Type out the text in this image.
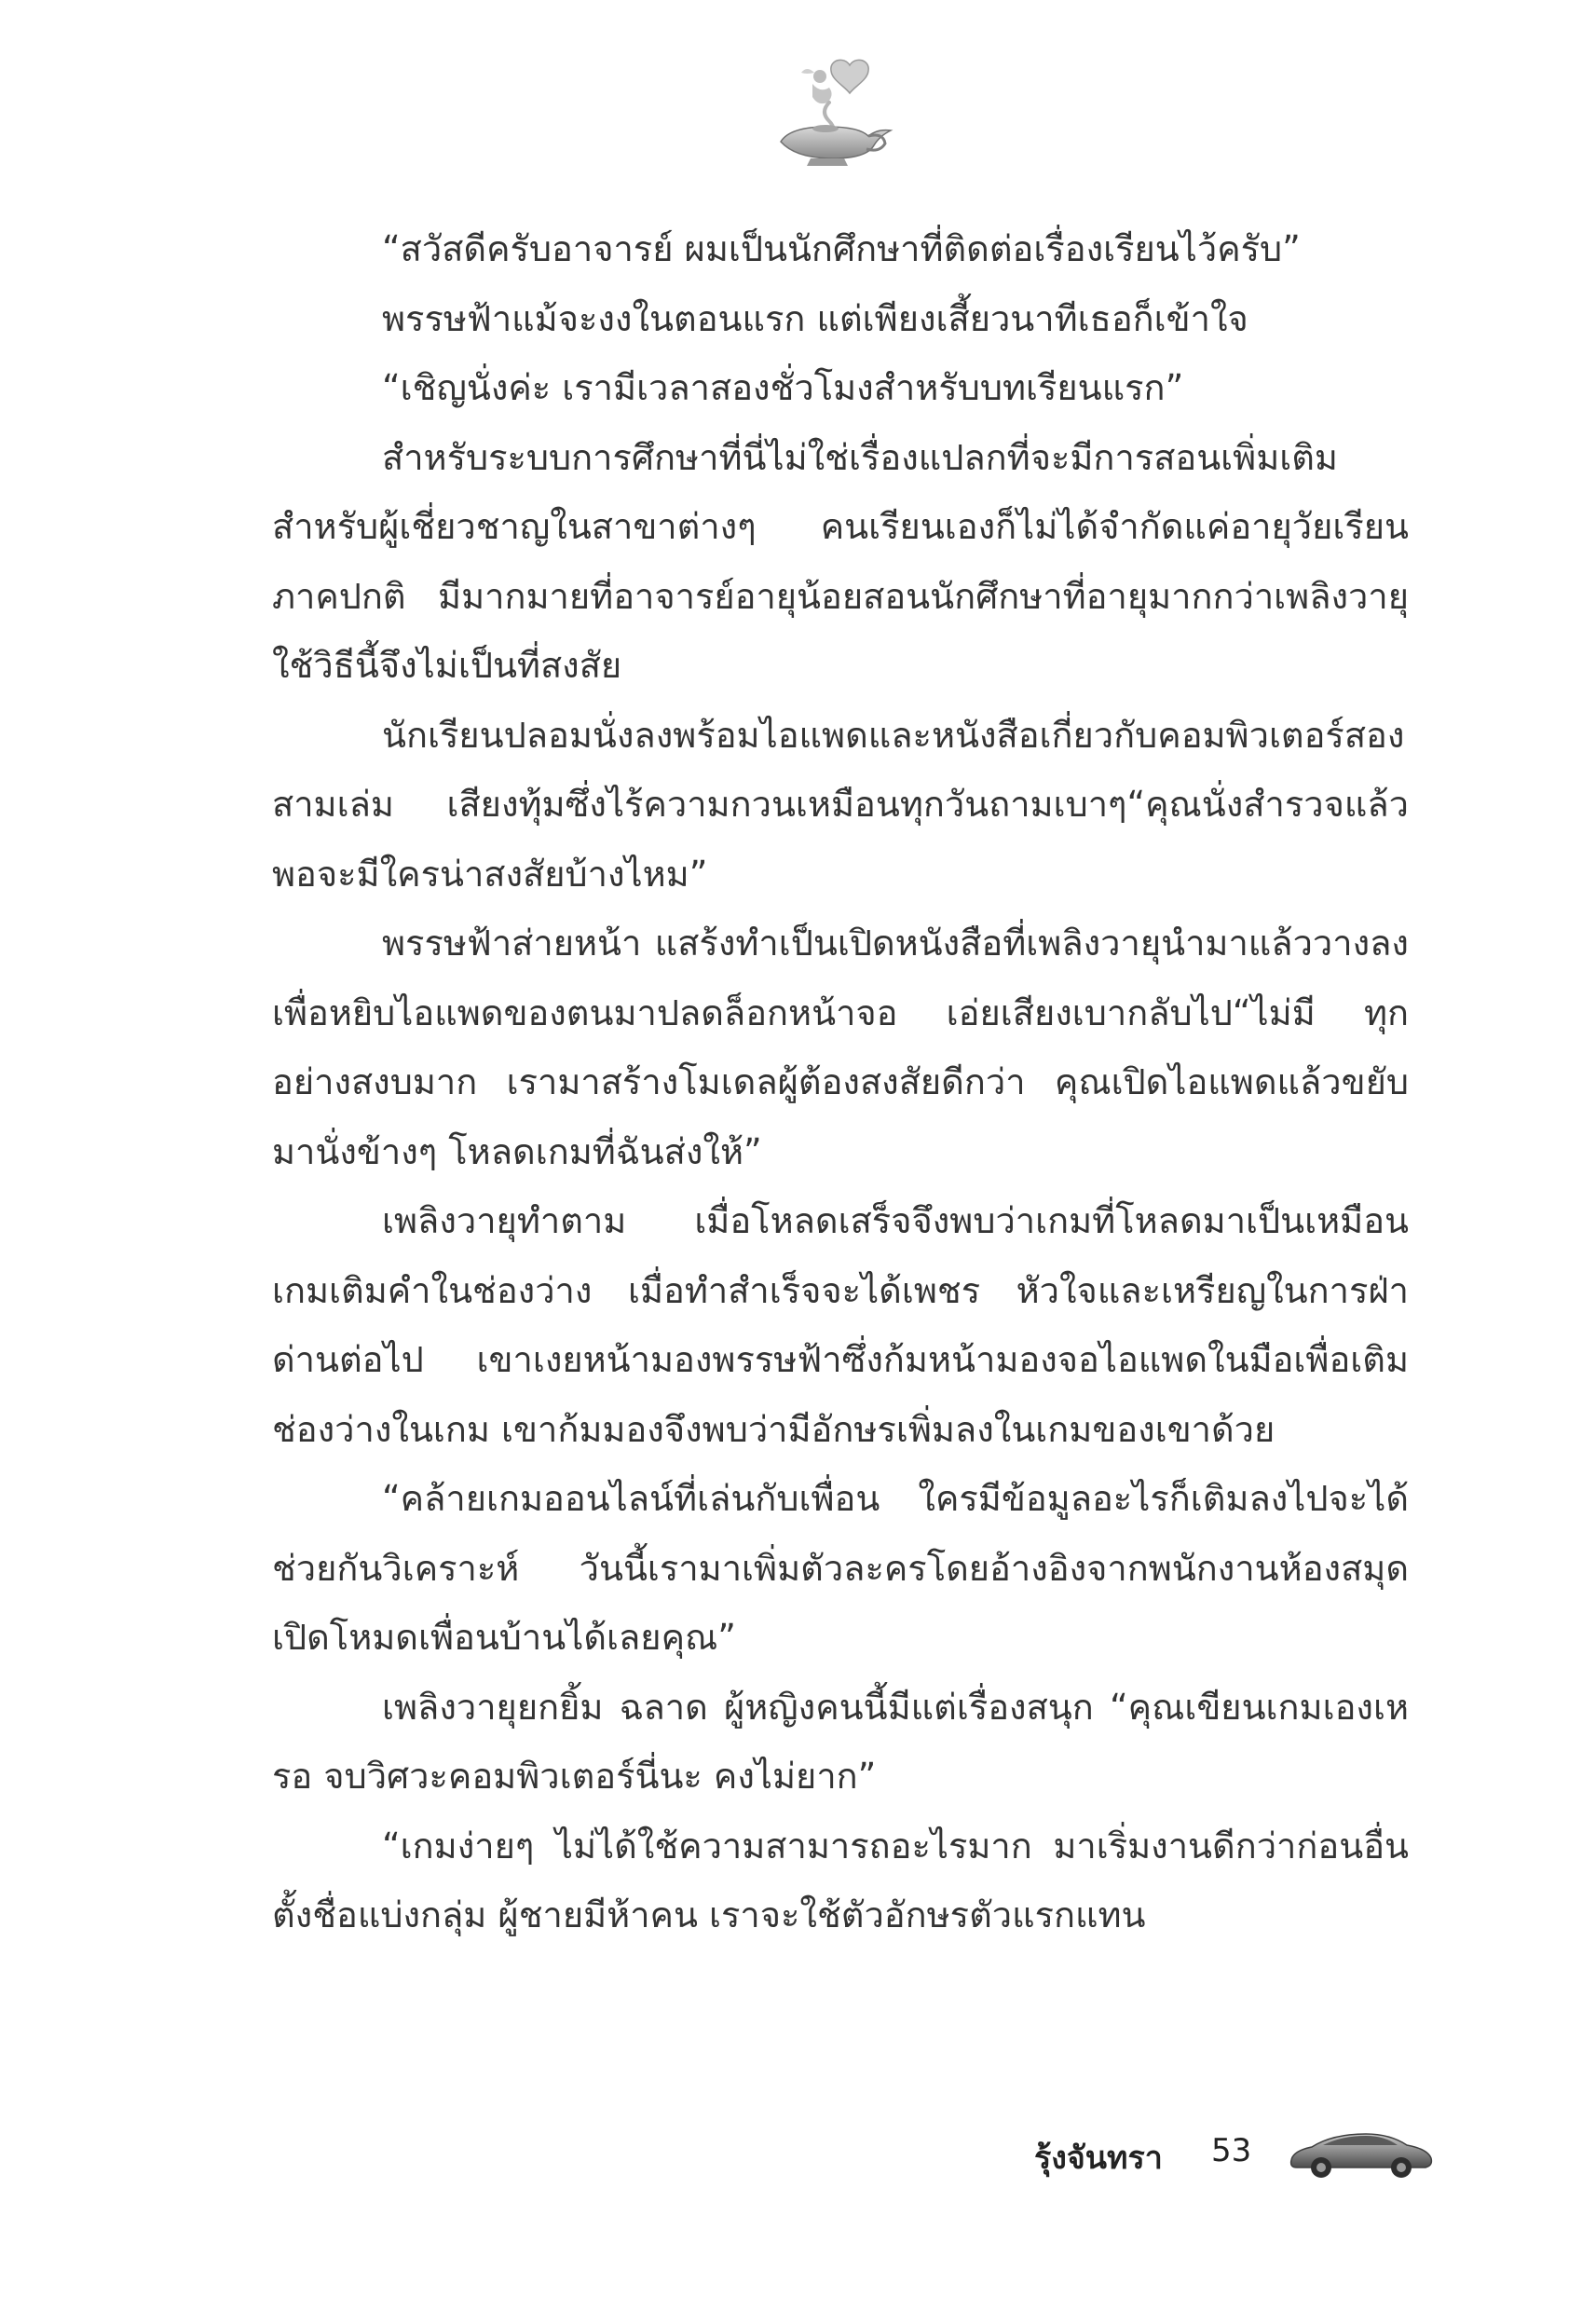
“สวัสดีครับอาจารย์ ผมเป็นนักศึกษาที่ติดต่อเรื่องเรียนไว้ครับ”

พรรษฟ้าแม้จะงงในตอนแรก แต่เพียงเสี้ยวนาทีเธอก็เข้าใจ

“เชิญนั่งค่ะ เรามีเวลาสองชั่วโมงสำหรับบทเรียนแรก”

สำหรับระบบการศึกษาที่นี่ไม่ใช่เรื่องแปลกที่จะมีการสอนเพิ่มเติมสำหรับผู้เชี่ยวชาญในสาขาต่างๆ คนเรียนเองก็ไม่ได้จำกัดแค่อายุวัยเรียนภาคปกติ มีมากมายที่อาจารย์อายุน้อยสอนนักศึกษาที่อายุมากกว่าเพลิงวายุใช้วิธีนี้จึงไม่เป็นที่สงสัย

นักเรียนปลอมนั่งลงพร้อมไอแพดและหนังสือเกี่ยวกับคอมพิวเตอร์สองสามเล่ม เสียงทุ้มซึ่งไร้ความกวนเหมือนทุกวันถามเบาๆ“คุณนั่งสำรวจแล้วพอจะมีใครน่าสงสัยบ้างไหม”

พรรษฟ้าส่ายหน้า แสร้งทำเป็นเปิดหนังสือที่เพลิงวายุนำมาแล้ววางลงเพื่อหยิบไอแพดของตนมาปลดล็อกหน้าจอ เอ่ยเสียงเบากลับไป“ไม่มี ทุกอย่างสงบมาก เรามาสร้างโมเดลผู้ต้องสงสัยดีกว่า คุณเปิดไอแพดแล้วขยับมานั่งข้างๆ โหลดเกมที่ฉันส่งให้”

เพลิงวายุทำตาม เมื่อโหลดเสร็จจึงพบว่าเกมที่โหลดมาเป็นเหมือนเกมเติมคำในช่องว่าง เมื่อทำสำเร็จจะได้เพชร หัวใจและเหรียญในการฝ่าด่านต่อไป เขาเงยหน้ามองพรรษฟ้าซึ่งก้มหน้ามองจอไอแพดในมือเพื่อเติมช่องว่างในเกม เขาก้มมองจึงพบว่ามีอักษรเพิ่มลงในเกมของเขาด้วย

“คล้ายเกมออนไลน์ที่เล่นกับเพื่อน ใครมีข้อมูลอะไรก็เติมลงไปจะได้ช่วยกันวิเคราะห์ วันนี้เรามาเพิ่มตัวละครโดยอ้างอิงจากพนักงานห้องสมุด เปิดโหมดเพื่อนบ้านได้เลยคุณ”

เพลิงวายุยกยิ้ม ฉลาด ผู้หญิงคนนี้มีแต่เรื่องสนุก “คุณเขียนเกมเองเหรอ จบวิศวะคอมพิวเตอร์นี่นะ คงไม่ยาก”

“เกมง่ายๆ ไม่ได้ใช้ความสามารถอะไรมาก มาเริ่มงานดีกว่าก่อนอื่นตั้งชื่อแบ่งกลุ่ม ผู้ชายมีห้าคน เราจะใช้ตัวอักษรตัวแรกแทน

รุ้งจันทรา 53
